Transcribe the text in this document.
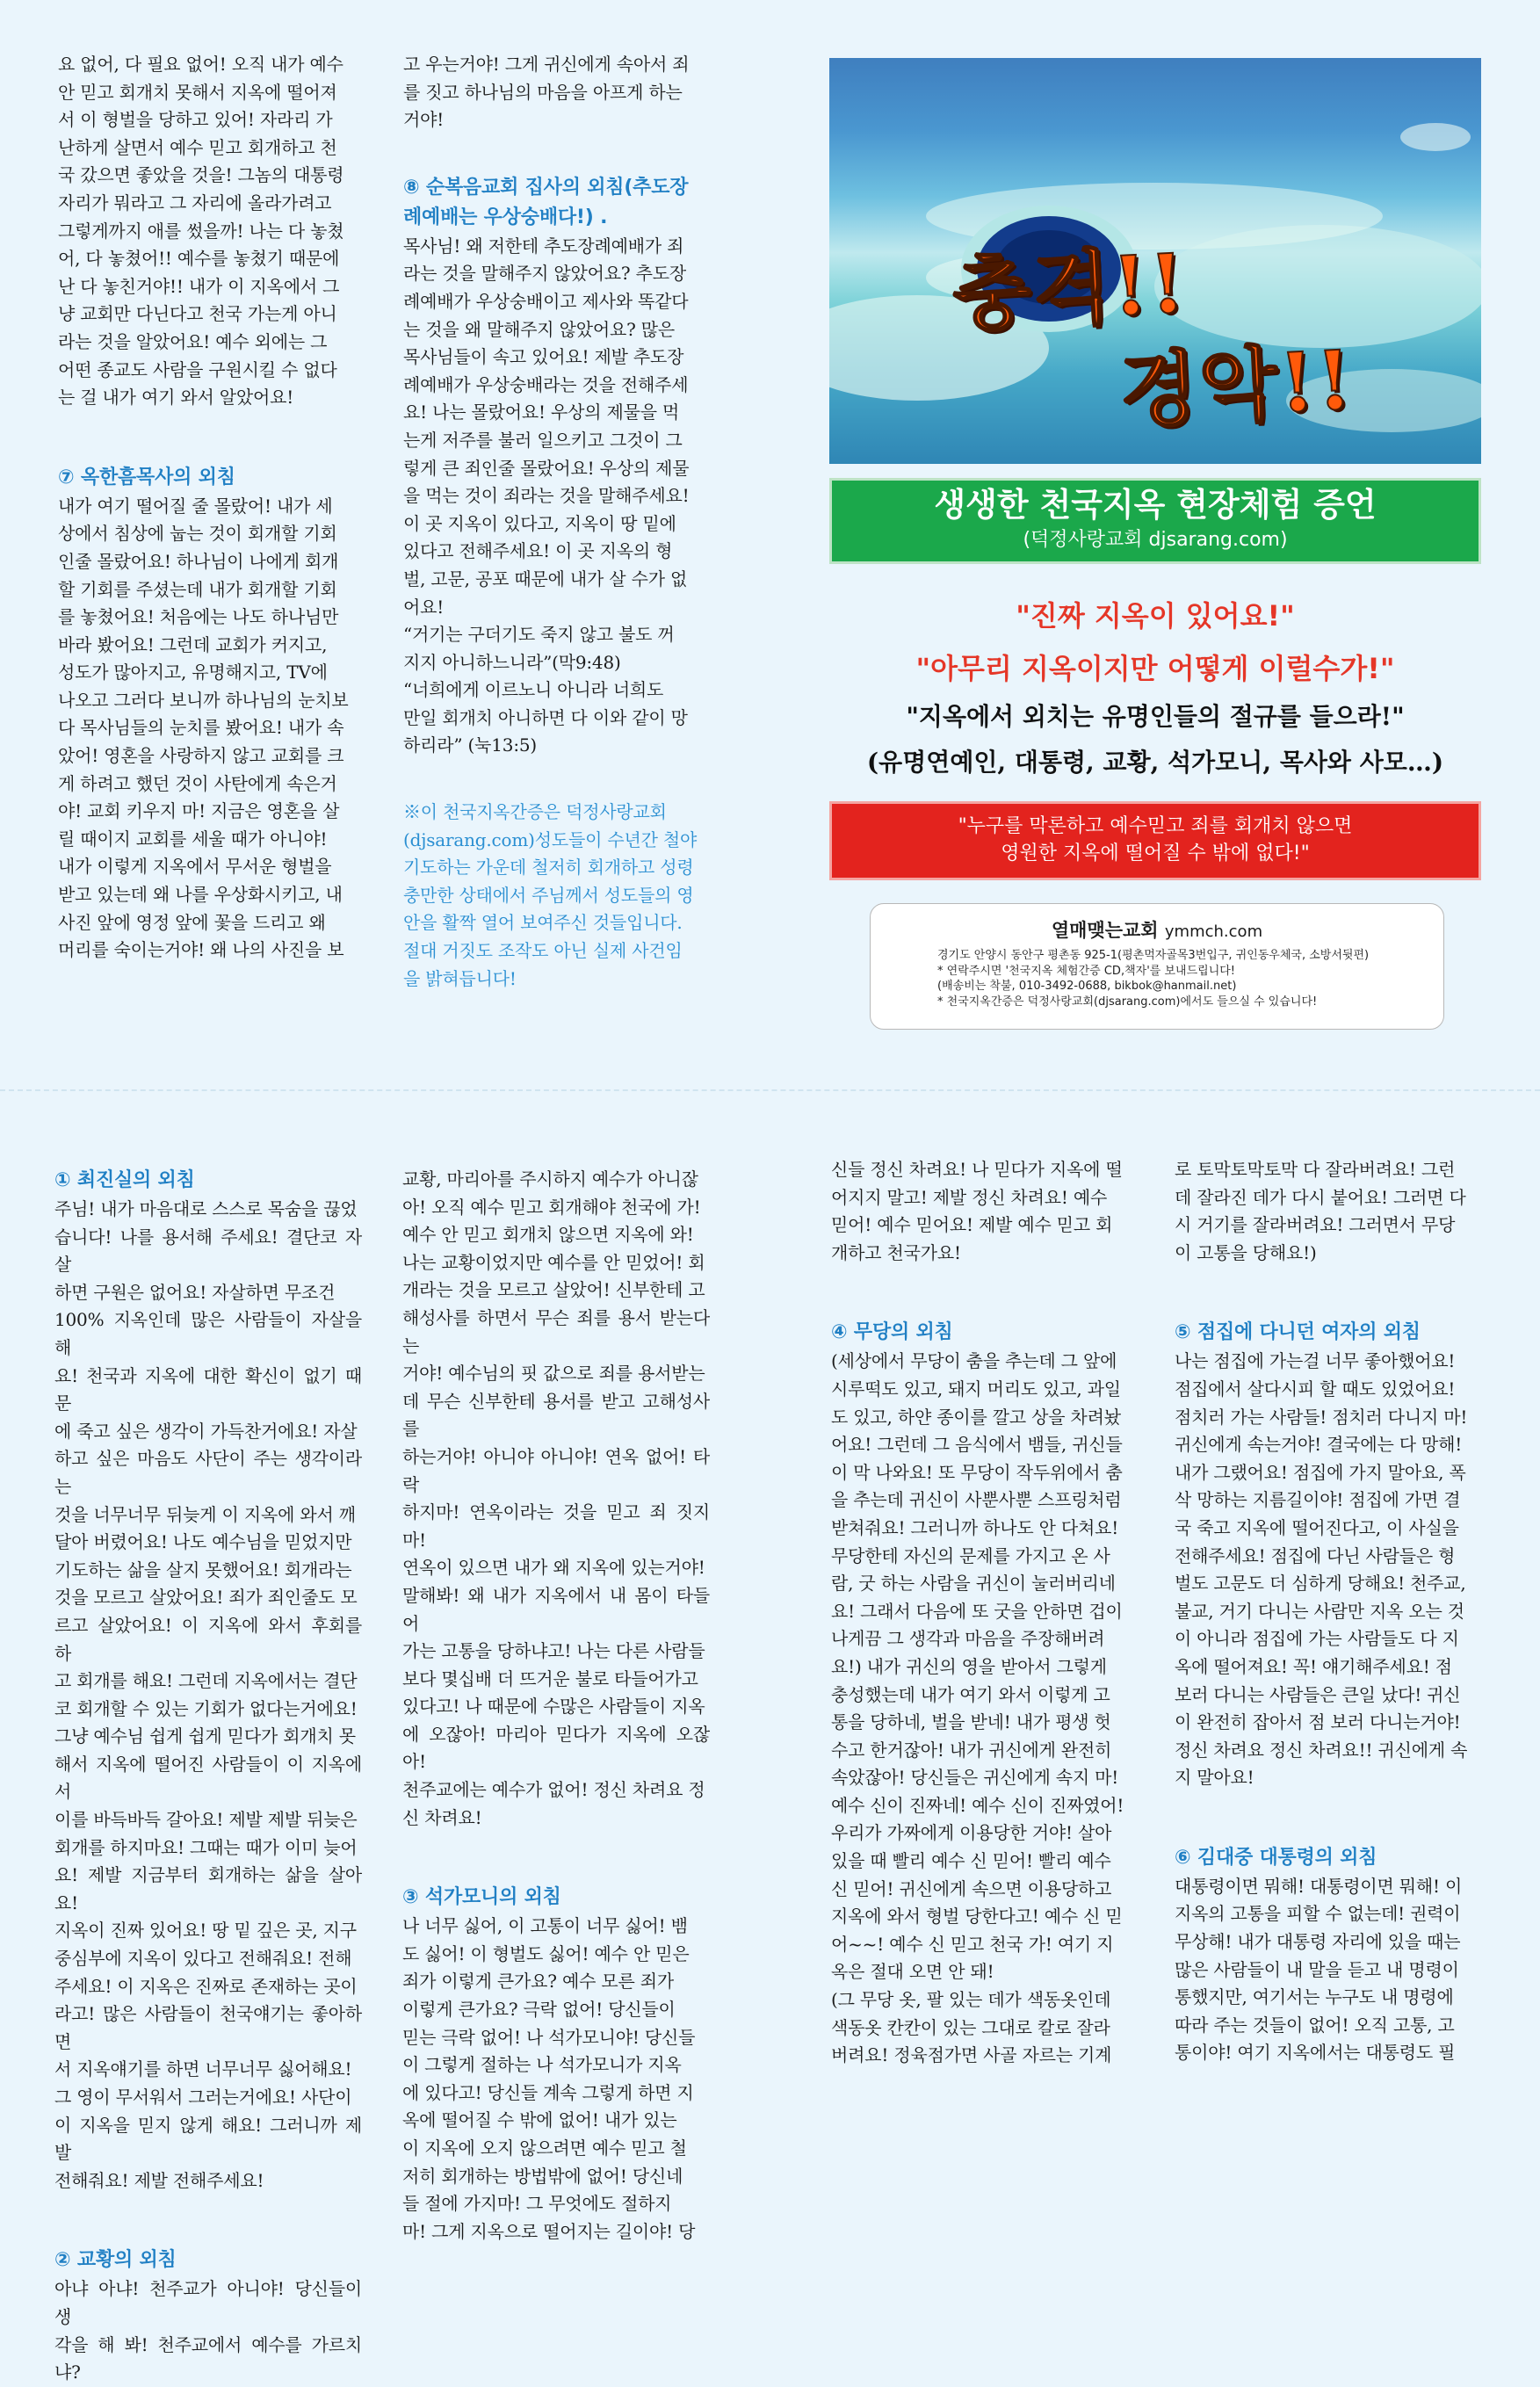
요 없어, 다 필요 없어! 오직 내가 예수
안 믿고 회개치 못해서 지옥에 떨어져
서 이 형벌을 당하고 있어! 자라리 가
난하게 살면서 예수 믿고 회개하고 천
국 갔으면 좋았을 것을! 그놈의 대통령
자리가 뭐라고 그 자리에 올라가려고
그렇게까지 애를 썼을까! 나는 다 놓쳤
어, 다 놓쳤어!! 예수를 놓쳤기 때문에
난 다 놓친거야!! 내가 이 지옥에서 그
냥 교회만 다닌다고 천국 가는게 아니
라는 것을 알았어요! 예수 외에는 그
어떤 종교도 사람을 구원시킬 수 없다
는 걸 내가 여기 와서 알았어요!

⑦ 옥한흠목사의 외침

내가 여기 떨어질 줄 몰랐어! 내가 세
상에서 침상에 눕는 것이 회개할 기회
인줄 몰랐어요! 하나님이 나에게 회개
할 기회를 주셨는데 내가 회개할 기회
를 놓쳤어요! 처음에는 나도 하나님만
바라 봤어요! 그런데 교회가 커지고,
성도가 많아지고, 유명해지고, TV에
나오고 그러다 보니까 하나님의 눈치보
다 목사님들의 눈치를 봤어요! 내가 속
았어! 영혼을 사랑하지 않고 교회를 크
게 하려고 했던 것이 사탄에게 속은거
야! 교회 키우지 마! 지금은 영혼을 살
릴 때이지 교회를 세울 때가 아니야!
내가 이렇게 지옥에서 무서운 형벌을
받고 있는데 왜 나를 우상화시키고, 내
사진 앞에 영정 앞에 꽃을 드리고 왜
머리를 숙이는거야! 왜 나의 사진을 보

고 우는거야! 그게 귀신에게 속아서 죄
를 짓고 하나님의 마음을 아프게 하는
거야!

⑧ 순복음교회 집사의 외침(추도장
례예배는 우상숭배다!) .

목사님! 왜 저한테 추도장례예배가 죄
라는 것을 말해주지 않았어요? 추도장
례예배가 우상숭배이고 제사와 똑같다
는 것을 왜 말해주지 않았어요? 많은
목사님들이 속고 있어요! 제발 추도장
례예배가 우상숭배라는 것을 전해주세
요! 나는 몰랐어요! 우상의 제물을 먹
는게 저주를 불러 일으키고 그것이 그
렇게 큰 죄인줄 몰랐어요! 우상의 제물
을 먹는 것이 죄라는 것을 말해주세요!
이 곳 지옥이 있다고, 지옥이 땅 밑에
있다고 전해주세요! 이 곳 지옥의 형
벌, 고문, 공포 때문에 내가 살 수가 없
어요!

“거기는 구더기도 죽지 않고 불도 꺼
지지 아니하느니라”(막9:48)

“너희에게 이르노니 아니라 너희도
만일 회개치 아니하면 다 이와 같이 망
하리라” (눅13:5)

※이 천국지옥간증은 덕정사랑교회
(djsarang.com)성도들이 수년간 철야
기도하는 가운데 철저히 회개하고 성령
충만한 상태에서 주님께서 성도들의 영
안을 활짝 열어 보여주신 것들입니다.
절대 거짓도 조작도 아닌 실제 사건임
을 밝혀듭니다!

충격!!
경악!!
생생한 천국지옥 현장체험 증언
(덕정사랑교회 djsarang.com)
"진짜 지옥이 있어요!"
"아무리 지옥이지만 어떻게 이럴수가!"
"지옥에서 외치는 유명인들의 절규를 들으라!"
(유명연예인, 대통령, 교황, 석가모니, 목사와 사모…)
"누구를 막론하고 예수믿고 죄를 회개치 않으면
영원한 지옥에 떨어질 수 밖에 없다!"
열매맺는교회 ymmch.com
경기도 안양시 동안구 평촌동 925-1(평촌먹자골목3번입구, 귀인동우체국, 소방서뒷편)
* 연락주시면 '천국지옥 체험간증 CD,책자'를 보내드립니다!
(배송비는 착불, 010-3492-0688, bikbok@hanmail.net)
* 천국지옥간증은 덕정사랑교회(djsarang.com)에서도 들으실 수 있습니다!
① 최진실의 외침

주님! 내가 마음대로 스스로 목숨을 끊었
습니다! 나를 용서해 주세요! 결단코 자살
하면 구원은 없어요! 자살하면 무조건
100% 지옥인데 많은 사람들이 자살을 해
요! 천국과 지옥에 대한 확신이 없기 때문
에 죽고 싶은 생각이 가득찬거에요! 자살
하고 싶은 마음도 사단이 주는 생각이라는
것을 너무너무 뒤늦게 이 지옥에 와서 깨
달아 버렸어요! 나도 예수님을 믿었지만
기도하는 삶을 살지 못했어요! 회개라는
것을 모르고 살았어요! 죄가 죄인줄도 모
르고 살았어요! 이 지옥에 와서 후회를 하
고 회개를 해요! 그런데 지옥에서는 결단
코 회개할 수 있는 기회가 없다는거에요!
그냥 예수님 쉽게 쉽게 믿다가 회개치 못
해서 지옥에 떨어진 사람들이 이 지옥에서
이를 바득바득 갈아요! 제발 제발 뒤늦은
회개를 하지마요! 그때는 때가 이미 늦어
요! 제발 지금부터 회개하는 삶을 살아요!
지옥이 진짜 있어요! 땅 밑 깊은 곳, 지구
중심부에 지옥이 있다고 전해줘요! 전해
주세요! 이 지옥은 진짜로 존재하는 곳이
라고! 많은 사람들이 천국얘기는 좋아하면
서 지옥얘기를 하면 너무너무 싫어해요!
그 영이 무서워서 그러는거에요! 사단이
이 지옥을 믿지 않게 해요! 그러니까 제발
전해줘요! 제발 전해주세요!

② 교황의 외침

아냐 아냐! 천주교가 아니야! 당신들이 생
각을 해 봐! 천주교에서 예수를 가르치냐?

교황, 마리아를 주시하지 예수가 아니잖
아! 오직 예수 믿고 회개해야 천국에 가!
예수 안 믿고 회개치 않으면 지옥에 와!
나는 교황이었지만 예수를 안 믿었어! 회
개라는 것을 모르고 살았어! 신부한테 고
해성사를 하면서 무슨 죄를 용서 받는다는
거야! 예수님의 핏 값으로 죄를 용서받는
데 무슨 신부한테 용서를 받고 고해성사를
하는거야! 아니야 아니야! 연옥 없어! 타락
하지마! 연옥이라는 것을 믿고 죄 짓지마!
연옥이 있으면 내가 왜 지옥에 있는거야!
말해봐! 왜 내가 지옥에서 내 몸이 타들어
가는 고통을 당하냐고! 나는 다른 사람들
보다 몇십배 더 뜨거운 불로 타들어가고
있다고! 나 때문에 수많은 사람들이 지옥
에 오잖아! 마리아 믿다가 지옥에 오잖아!
천주교에는 예수가 없어! 정신 차려요 정
신 차려요!

③ 석가모니의 외침

나 너무 싫어, 이 고통이 너무 싫어! 뱀
도 싫어! 이 형벌도 싫어! 예수 안 믿은
죄가 이렇게 큰가요? 예수 모른 죄가
이렇게 큰가요? 극락 없어! 당신들이
믿는 극락 없어! 나 석가모니야! 당신들
이 그렇게 절하는 나 석가모니가 지옥
에 있다고! 당신들 계속 그렇게 하면 지
옥에 떨어질 수 밖에 없어! 내가 있는
이 지옥에 오지 않으려면 예수 믿고 철
저히 회개하는 방법밖에 없어! 당신네
들 절에 가지마! 그 무엇에도 절하지
마! 그게 지옥으로 떨어지는 길이야! 당

신들 정신 차려요! 나 믿다가 지옥에 떨
어지지 말고! 제발 정신 차려요! 예수
믿어! 예수 믿어요! 제발 예수 믿고 회
개하고 천국가요!

④ 무당의 외침

(세상에서 무당이 춤을 추는데 그 앞에
시루떡도 있고, 돼지 머리도 있고, 과일
도 있고, 하얀 종이를 깔고 상을 차려놨
어요! 그런데 그 음식에서 뱀들, 귀신들
이 막 나와요! 또 무당이 작두위에서 춤
을 추는데 귀신이 사뿐사뿐 스프링처럼
받쳐줘요! 그러니까 하나도 안 다쳐요!
무당한테 자신의 문제를 가지고 온 사
람, 굿 하는 사람을 귀신이 눌러버리네
요! 그래서 다음에 또 굿을 안하면 겁이
나게끔 그 생각과 마음을 주장해버려
요!) 내가 귀신의 영을 받아서 그렇게
충성했는데 내가 여기 와서 이렇게 고
통을 당하네, 벌을 받네! 내가 평생 헛
수고 한거잖아! 내가 귀신에게 완전히
속았잖아! 당신들은 귀신에게 속지 마!
예수 신이 진짜네! 예수 신이 진짜였어!
우리가 가짜에게 이용당한 거야! 살아
있을 때 빨리 예수 신 믿어! 빨리 예수
신 믿어! 귀신에게 속으면 이용당하고
지옥에 와서 형벌 당한다고! 예수 신 믿
어~~! 예수 신 믿고 천국 가! 여기 지
옥은 절대 오면 안 돼!
(그 무당 옷, 팔 있는 데가 색동옷인데
색동옷 칸칸이 있는 그대로 칼로 잘라
버려요! 정육점가면 사골 자르는 기계

로 토막토막토막 다 잘라버려요! 그런
데 잘라진 데가 다시 붙어요! 그러면 다
시 거기를 잘라버려요! 그러면서 무당
이 고통을 당해요!)

⑤ 점집에 다니던 여자의 외침

나는 점집에 가는걸 너무 좋아했어요!
점집에서 살다시피 할 때도 있었어요!
점치러 가는 사람들! 점치러 다니지 마!
귀신에게 속는거야! 결국에는 다 망해!
내가 그랬어요! 점집에 가지 말아요, 폭
삭 망하는 지름길이야! 점집에 가면 결
국 죽고 지옥에 떨어진다고, 이 사실을
전해주세요! 점집에 다닌 사람들은 형
벌도 고문도 더 심하게 당해요! 천주교,
불교, 거기 다니는 사람만 지옥 오는 것
이 아니라 점집에 가는 사람들도 다 지
옥에 떨어져요! 꼭! 얘기해주세요! 점
보러 다니는 사람들은 큰일 났다! 귀신
이 완전히 잡아서 점 보러 다니는거야!
정신 차려요 정신 차려요!! 귀신에게 속
지 말아요!

⑥ 김대중 대통령의 외침

대통령이면 뭐해! 대통령이면 뭐해! 이
지옥의 고통을 피할 수 없는데! 권력이
무상해! 내가 대통령 자리에 있을 때는
많은 사람들이 내 말을 듣고 내 명령이
통했지만, 여기서는 누구도 내 명령에
따라 주는 것들이 없어! 오직 고통, 고
통이야! 여기 지옥에서는 대통령도 필
